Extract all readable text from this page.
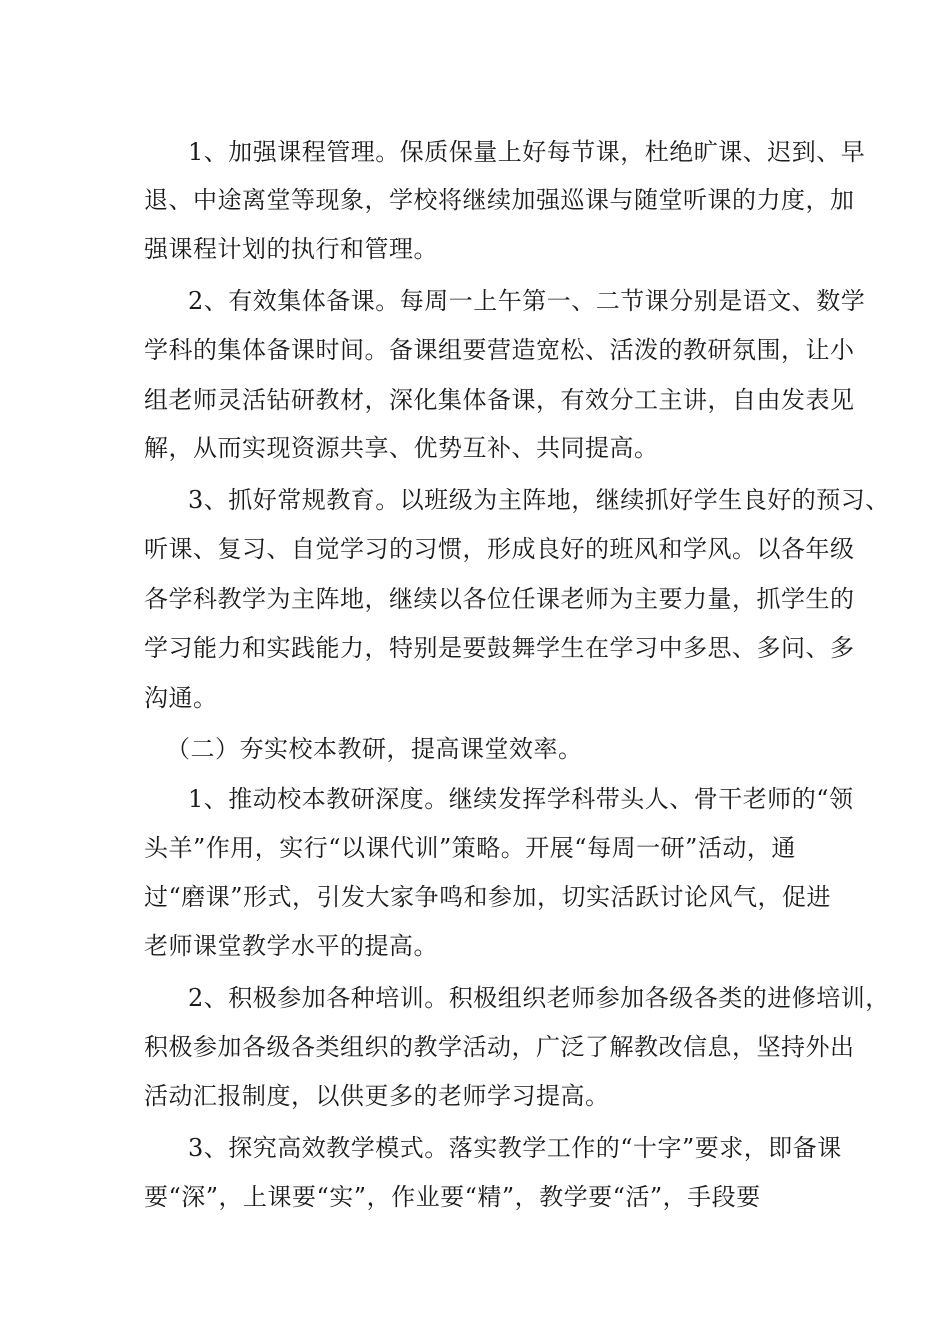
1、加强课程管理。保质保量上好每节课，杜绝旷课、迟到、早
退、中途离堂等现象，学校将继续加强巡课与随堂听课的力度，加
强课程计划的执行和管理。
2、有效集体备课。每周一上午第一、二节课分别是语文、数学
学科的集体备课时间。备课组要营造宽松、活泼的教研氛围，让小
组老师灵活钻研教材，深化集体备课，有效分工主讲，自由发表见
解，从而实现资源共享、优势互补、共同提高。
3、抓好常规教育。以班级为主阵地，继续抓好学生良好的预习、
听课、复习、自觉学习的习惯，形成良好的班风和学风。以各年级
各学科教学为主阵地，继续以各位任课老师为主要力量，抓学生的
学习能力和实践能力，特别是要鼓舞学生在学习中多思、多问、多
沟通。
（二）夯实校本教研，提高课堂效率。
1、推动校本教研深度。继续发挥学科带头人、骨干老师的“领
头羊”作用，实行“以课代训”策略。开展“每周一研”活动，通
过“磨课”形式，引发大家争鸣和参加，切实活跃讨论风气，促进
老师课堂教学水平的提高。
2、积极参加各种培训。积极组织老师参加各级各类的进修培训，
积极参加各级各类组织的教学活动，广泛了解教改信息，坚持外出
活动汇报制度，以供更多的老师学习提高。
3、探究高效教学模式。落实教学工作的“十字”要求，即备课
要“深”，上课要“实”，作业要“精”，教学要“活”，手段要
